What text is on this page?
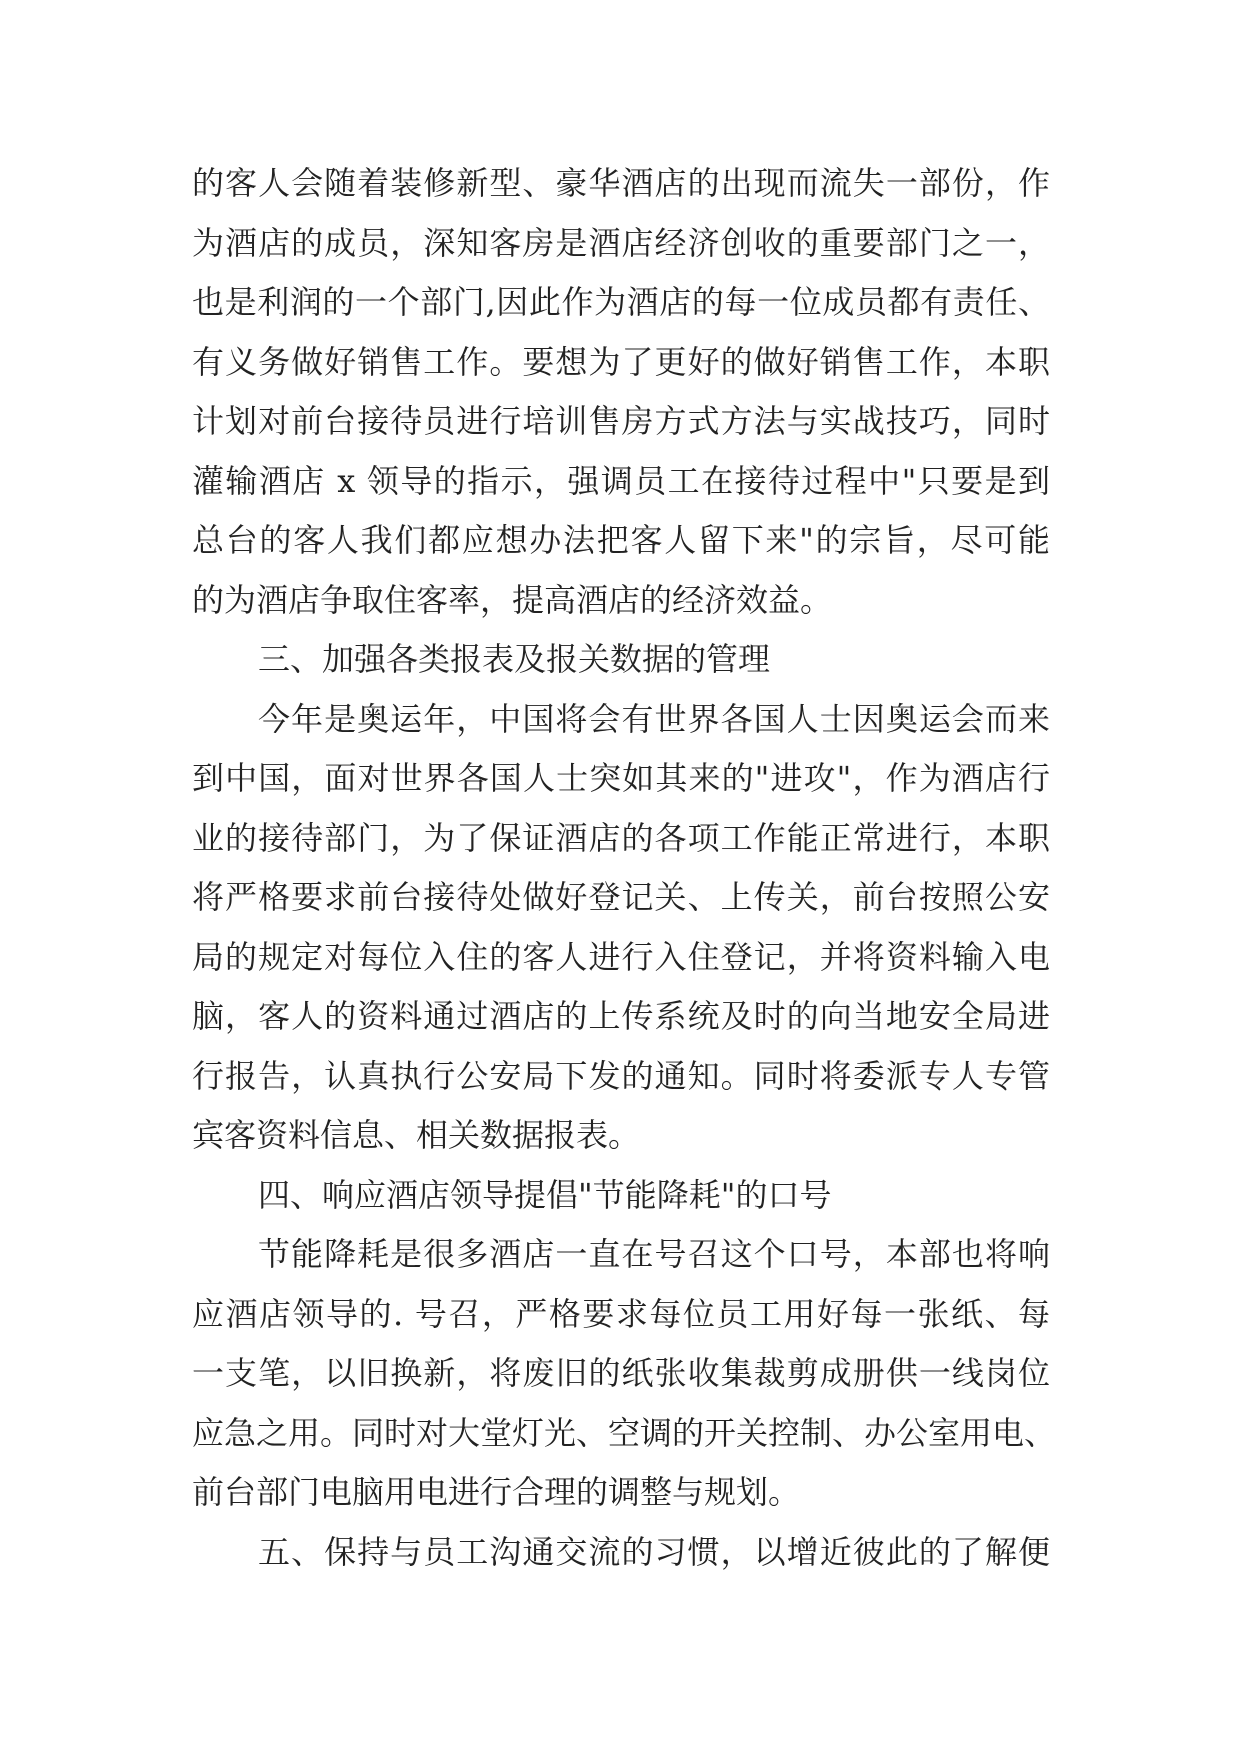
的客人会随着装修新型、豪华酒店的出现而流失一部份，作
为酒店的成员，深知客房是酒店经济创收的重要部门之一，
也是利润的一个部门,因此作为酒店的每一位成员都有责任、
有义务做好销售工作。要想为了更好的做好销售工作，本职
计划对前台接待员进行培训售房方式方法与实战技巧，同时
灌输酒店 x 领导的指示，强调员工在接待过程中"只要是到
总台的客人我们都应想办法把客人留下来"的宗旨，尽可能
的为酒店争取住客率，提高酒店的经济效益。
三、加强各类报表及报关数据的管理
今年是奥运年，中国将会有世界各国人士因奥运会而来
到中国，面对世界各国人士突如其来的"进攻"，作为酒店行
业的接待部门，为了保证酒店的各项工作能正常进行，本职
将严格要求前台接待处做好登记关、上传关，前台按照公安
局的规定对每位入住的客人进行入住登记，并将资料输入电
脑，客人的资料通过酒店的上传系统及时的向当地安全局进
行报告，认真执行公安局下发的通知。同时将委派专人专管
宾客资料信息、相关数据报表。
四、响应酒店领导提倡"节能降耗"的口号
节能降耗是很多酒店一直在号召这个口号，本部也将响
应酒店领导的. 号召，严格要求每位员工用好每一张纸、每
一支笔，以旧换新，将废旧的纸张收集裁剪成册供一线岗位
应急之用。同时对大堂灯光、空调的开关控制、办公室用电、
前台部门电脑用电进行合理的调整与规划。
五、保持与员工沟通交流的习惯，以增近彼此的了解便
